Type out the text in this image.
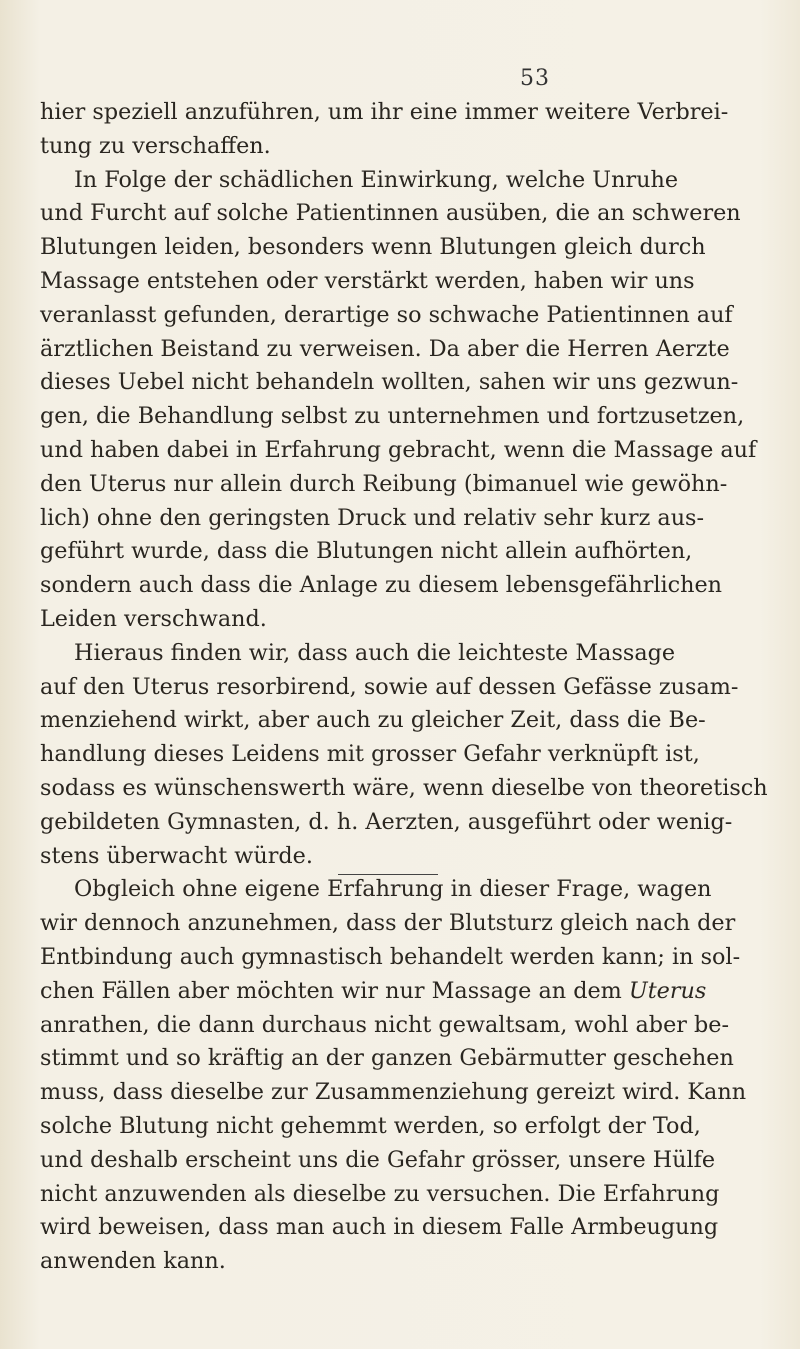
53
hier speziell anzuführen, um ihr eine immer weitere Verbrei-
tung zu verschaffen.
In Folge der schädlichen Einwirkung, welche Unruhe
und Furcht auf solche Patientinnen ausüben, die an schweren
Blutungen leiden, besonders wenn Blutungen gleich durch
Massage entstehen oder verstärkt werden, haben wir uns
veranlasst gefunden, derartige so schwache Patientinnen auf
ärztlichen Beistand zu verweisen. Da aber die Herren Aerzte
dieses Uebel nicht behandeln wollten, sahen wir uns gezwun-
gen, die Behandlung selbst zu unternehmen und fortzusetzen,
und haben dabei in Erfahrung gebracht, wenn die Massage auf
den Uterus nur allein durch Reibung (bimanuel wie gewöhn-
lich) ohne den geringsten Druck und relativ sehr kurz aus-
geführt wurde, dass die Blutungen nicht allein aufhörten,
sondern auch dass die Anlage zu diesem lebensgefährlichen
Leiden verschwand.
Hieraus finden wir, dass auch die leichteste Massage
auf den Uterus resorbirend, sowie auf dessen Gefässe zusam-
menziehend wirkt, aber auch zu gleicher Zeit, dass die Be-
handlung dieses Leidens mit grosser Gefahr verknüpft ist,
sodass es wünschenswerth wäre, wenn dieselbe von theoretisch
gebildeten Gymnasten, d. h. Aerzten, ausgeführt oder wenig-
stens überwacht würde.
Obgleich ohne eigene Erfahrung in dieser Frage, wagen
wir dennoch anzunehmen, dass der Blutsturz gleich nach der
Entbindung auch gymnastisch behandelt werden kann; in sol-
chen Fällen aber möchten wir nur Massage an dem Uterus
anrathen, die dann durchaus nicht gewaltsam, wohl aber be-
stimmt und so kräftig an der ganzen Gebärmutter geschehen
muss, dass dieselbe zur Zusammenziehung gereizt wird. Kann
solche Blutung nicht gehemmt werden, so erfolgt der Tod,
und deshalb erscheint uns die Gefahr grösser, unsere Hülfe
nicht anzuwenden als dieselbe zu versuchen. Die Erfahrung
wird beweisen, dass man auch in diesem Falle Armbeugung
anwenden kann.
